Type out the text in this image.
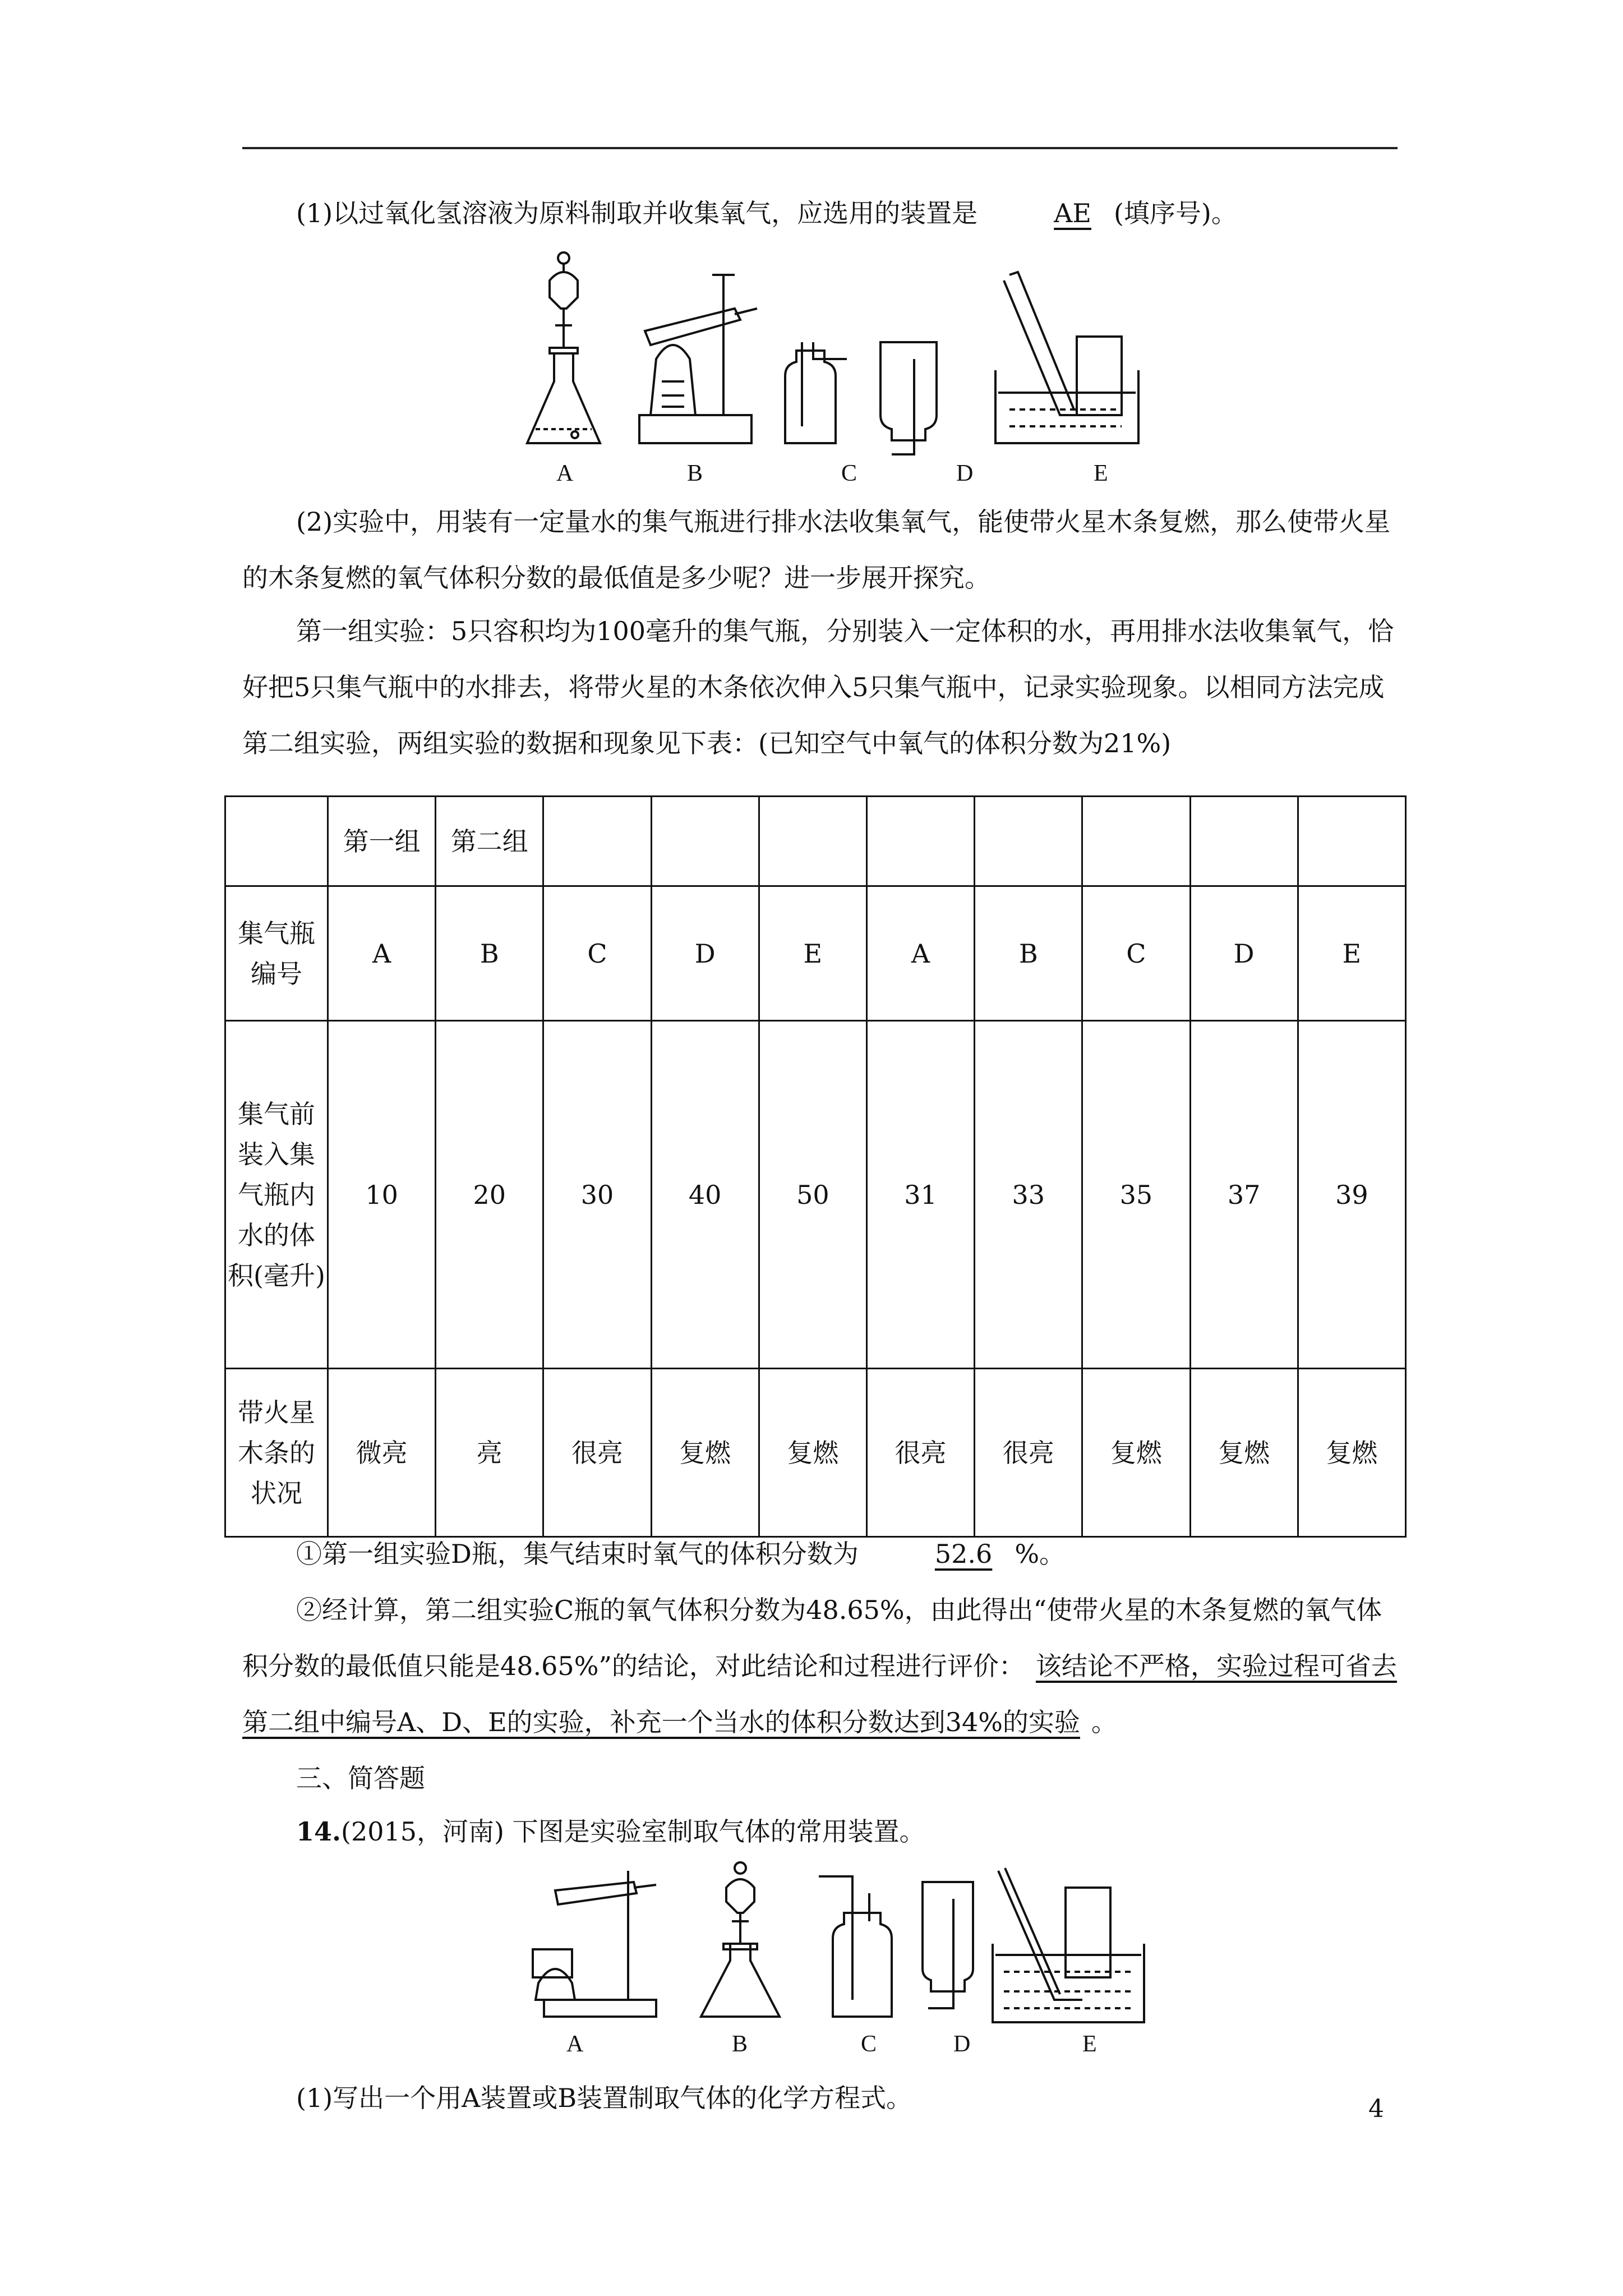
(1)以过氧化氢溶液为原料制取并收集氧气，应选用的装置是	AE (填序号)。

A	B	C	D	E

(2)实验中，用装有一定量水的集气瓶进行排水法收集氧气，能使带火星木条复燃，那么使带火星的木条复燃的氧气体积分数的最低值是多少呢？进一步展开探究。

第一组实验：5只容积均为100毫升的集气瓶，分别装入一定体积的水，再用排水法收集氧气，恰好把5只集气瓶中的水排去，将带火星的木条依次伸入5只集气瓶中，记录实验现象。以相同方法完成第二组实验，两组实验的数据和现象见下表：(已知空气中氧气的体积分数为21%)

	第一组	第二组								
集气瓶编号	A	B	C	D	E	A	B	C	D	E
集气前装入集气瓶内水的体积(毫升)	10	20	30	40	50	31	33	35	37	39
带火星木条的状况	微亮	亮	很亮	复燃	复燃	很亮	很亮	复燃	复燃	复燃

①第一组实验D瓶，集气结束时氧气的体积分数为	52.6 %。

②经计算，第二组实验C瓶的氧气体积分数为48.65%，由此得出“使带火星的木条复燃的氧气体积分数的最低值只能是48.65%”的结论，对此结论和过程进行评价： 该结论不严格，实验过程可省去第二组中编号A、D、E的实验，补充一个当水的体积分数达到34%的实验 。

三、简答题

14.(2015，河南) 下图是实验室制取气体的常用装置。

A	B	C	D	E

(1)写出一个用A装置或B装置制取气体的化学方程式。	4
